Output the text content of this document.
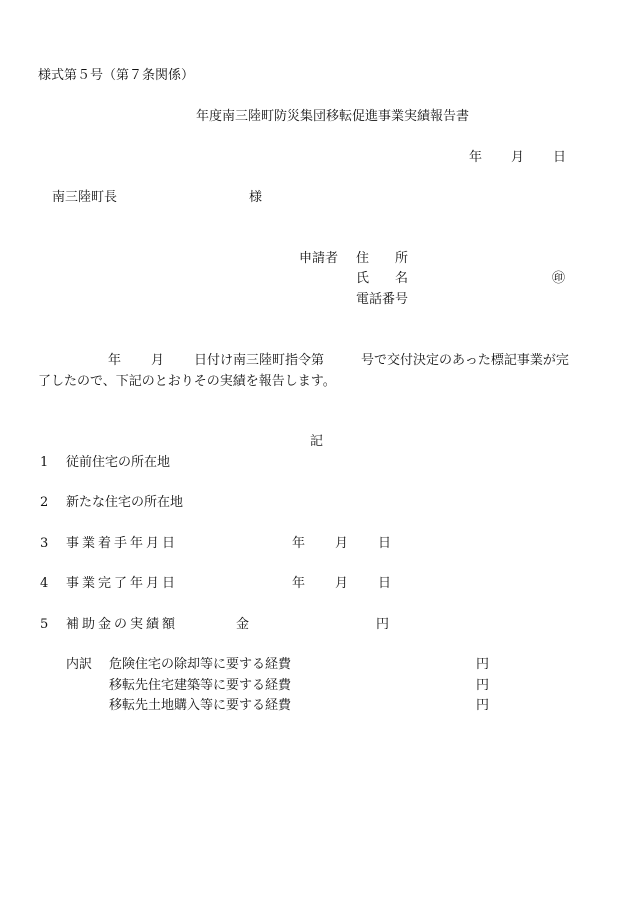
様式第５号（第７条関係）
年度南三陸町防災集団移転促進事業実績報告書
年 月 日
南三陸町長	様
申請者 住　　所
氏　　名	㊞
電話番号
年 月 日付け南三陸町指令第	号で交付決定のあった標記事業が完
了したので、下記のとおりその実績を報告します。
記
1 従前住宅の所在地
2 新たな住宅の所在地
3 事業着手年月日	年 月 日
4 事業完了年月日	年 月 日
5 補助金の実績額	金	円
内訳 危険住宅の除却等に要する経費	円
移転先住宅建築等に要する経費	円
移転先土地購入等に要する経費	円
